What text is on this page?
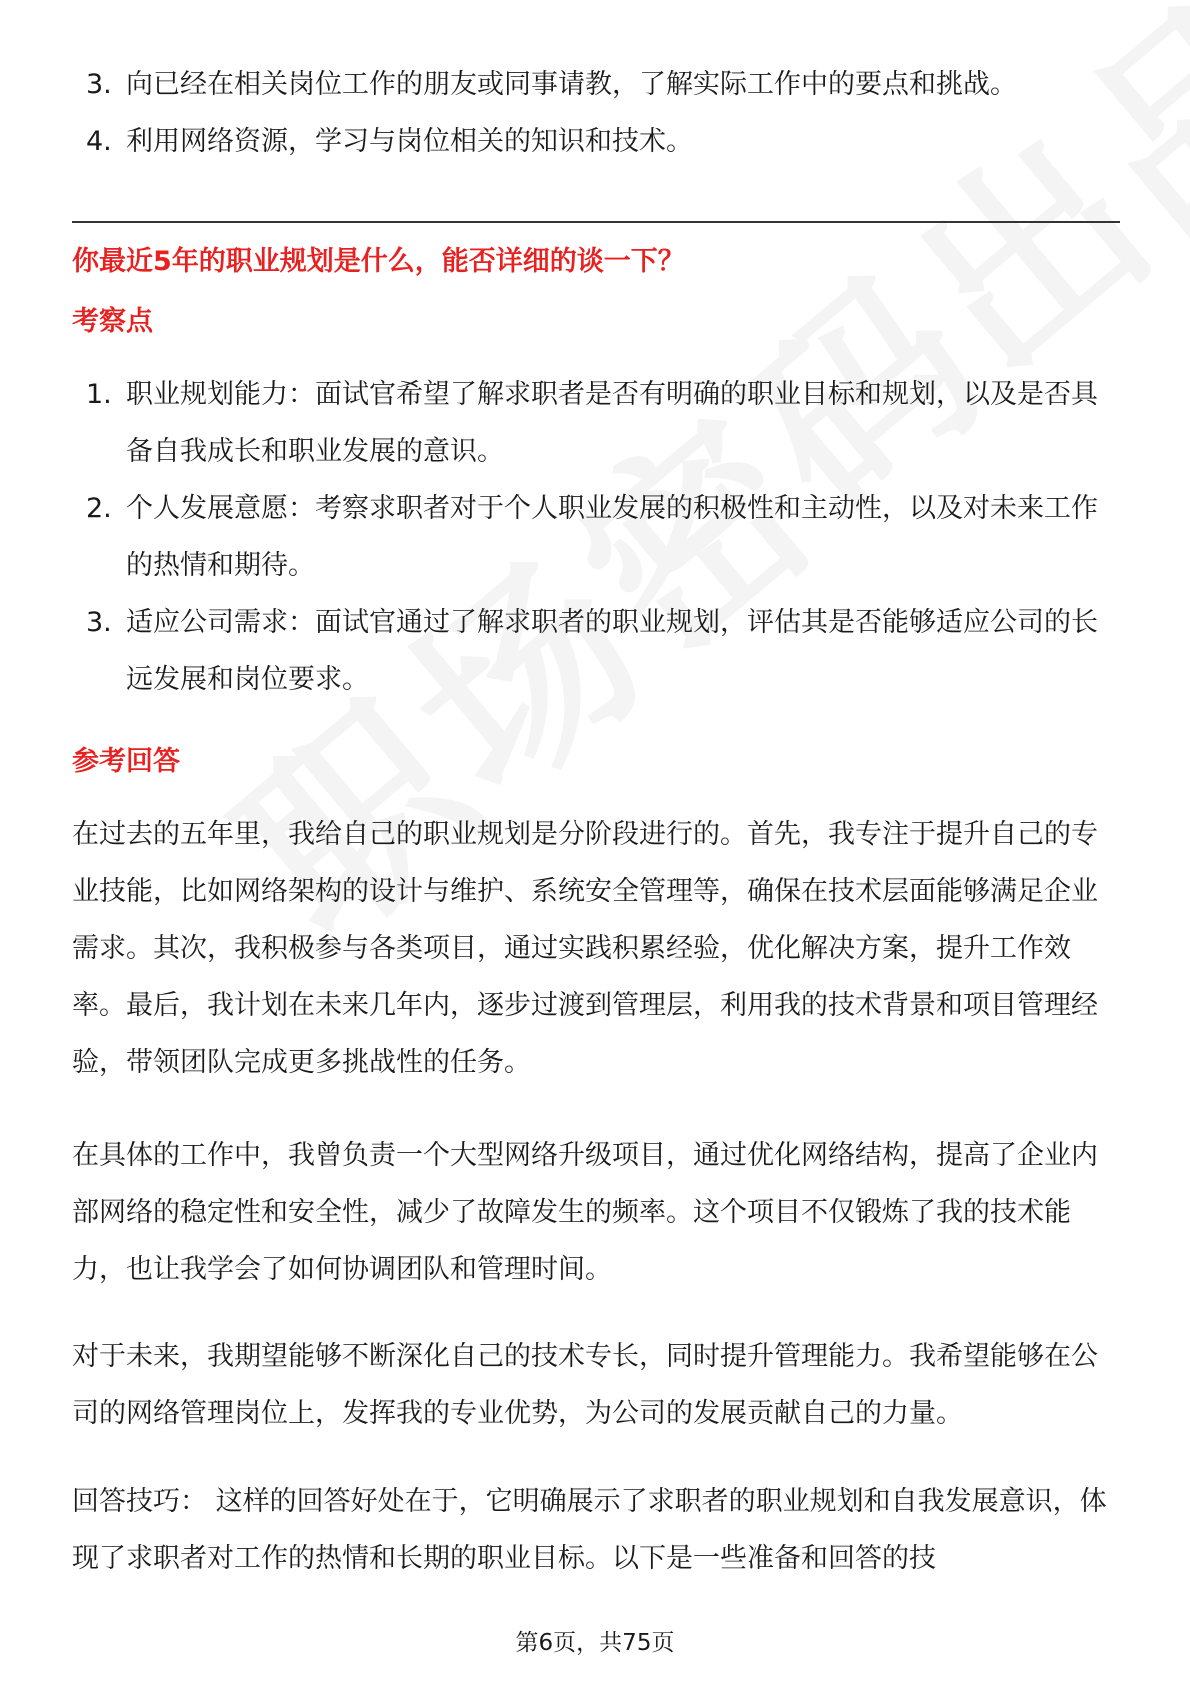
3. 向已经在相关岗位工作的朋友或同事请教，了解实际工作中的要点和挑战。
4. 利用网络资源，学习与岗位相关的知识和技术。
你最近5年的职业规划是什么，能否详细的谈一下？
考察点
1. 职业规划能力：面试官希望了解求职者是否有明确的职业目标和规划，以及是否具备自我成长和职业发展的意识。
2. 个人发展意愿：考察求职者对于个人职业发展的积极性和主动性，以及对未来工作的热情和期待。
3. 适应公司需求：面试官通过了解求职者的职业规划，评估其是否能够适应公司的长远发展和岗位要求。
参考回答

在过去的五年里，我给自己的职业规划是分阶段进行的。首先，我专注于提升自己的专业技能，比如网络架构的设计与维护、系统安全管理等，确保在技术层面能够满足企业需求。其次，我积极参与各类项目，通过实践积累经验，优化解决方案，提升工作效率。最后，我计划在未来几年内，逐步过渡到管理层，利用我的技术背景和项目管理经验，带领团队完成更多挑战性的任务。

在具体的工作中，我曾负责一个大型网络升级项目，通过优化网络结构，提高了企业内部网络的稳定性和安全性，减少了故障发生的频率。这个项目不仅锻炼了我的技术能力，也让我学会了如何协调团队和管理时间。

对于未来，我期望能够不断深化自己的技术专长，同时提升管理能力。我希望能够在公司的网络管理岗位上，发挥我的专业优势，为公司的发展贡献自己的力量。

回答技巧： 这样的回答好处在于，它明确展示了求职者的职业规划和自我发展意识，体现了求职者对工作的热情和长期的职业目标。以下是一些准备和回答的技

第6页，共75页
